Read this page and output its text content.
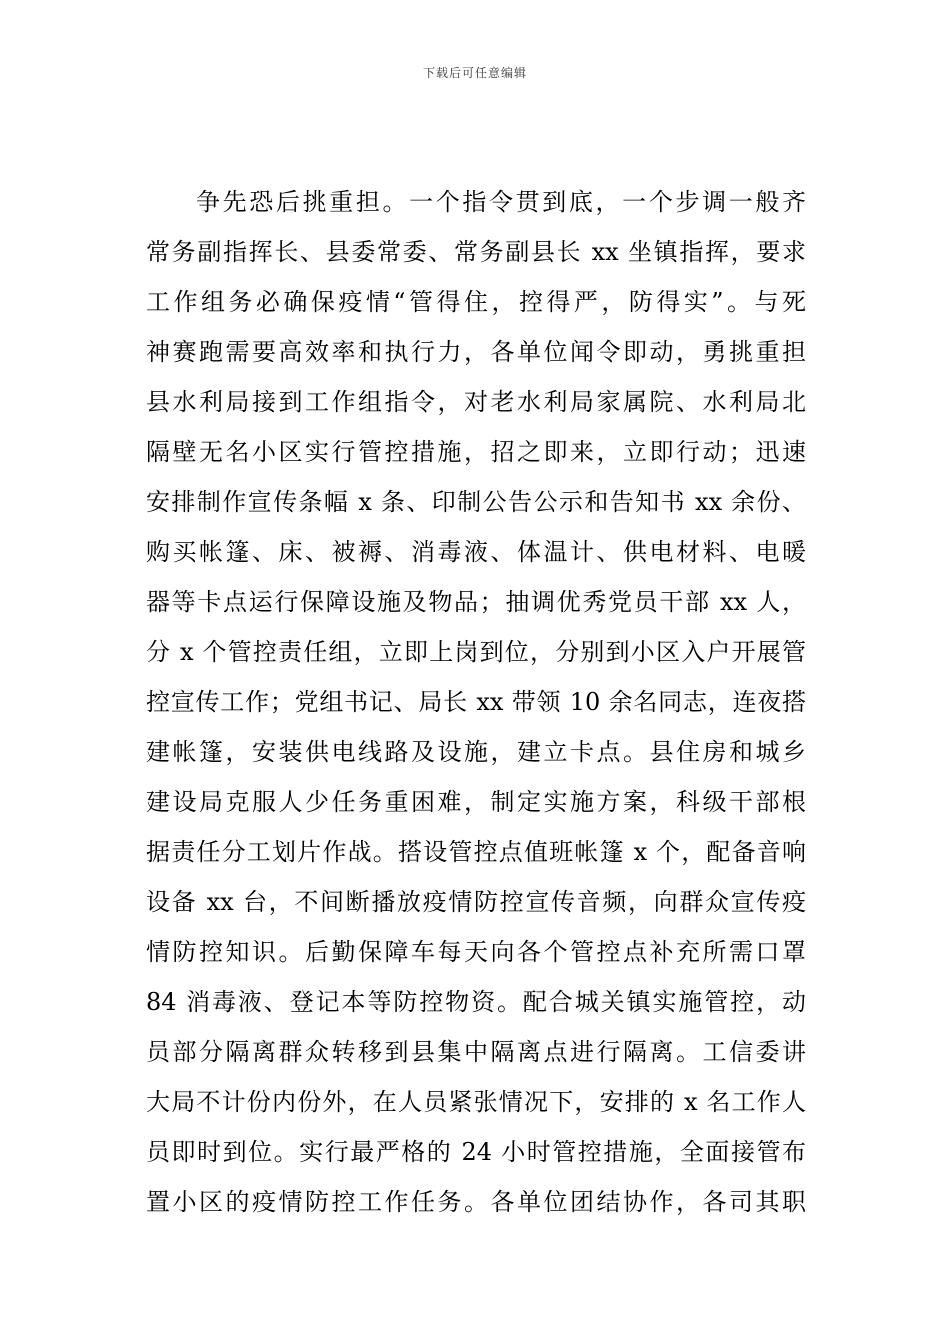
下载后可任意编辑
争先恐后挑重担。一个指令贯到底，一个步调一般齐
常务副指挥长、县委常委、常务副县长 xx 坐镇指挥，要求
工作组务必确保疫情“管得住，控得严，防得实”。与死
神赛跑需要高效率和执行力，各单位闻令即动，勇挑重担
县水利局接到工作组指令，对老水利局家属院、水利局北
隔壁无名小区实行管控措施，招之即来，立即行动；迅速
安排制作宣传条幅 x 条、印制公告公示和告知书 xx 余份、
购买帐篷、床、被褥、消毒液、体温计、供电材料、电暖
器等卡点运行保障设施及物品；抽调优秀党员干部 xx 人，
分 x 个管控责任组，立即上岗到位，分别到小区入户开展管
控宣传工作；党组书记、局长 xx 带领 10 余名同志，连夜搭
建帐篷，安装供电线路及设施，建立卡点。县住房和城乡
建设局克服人少任务重困难，制定实施方案，科级干部根
据责任分工划片作战。搭设管控点值班帐篷 x 个，配备音响
设备 xx 台，不间断播放疫情防控宣传音频，向群众宣传疫
情防控知识。后勤保障车每天向各个管控点补充所需口罩
84 消毒液、登记本等防控物资。配合城关镇实施管控，动
员部分隔离群众转移到县集中隔离点进行隔离。工信委讲
大局不计份内份外，在人员紧张情况下，安排的 x 名工作人
员即时到位。实行最严格的 24 小时管控措施，全面接管布
置小区的疫情防控工作任务。各单位团结协作，各司其职
